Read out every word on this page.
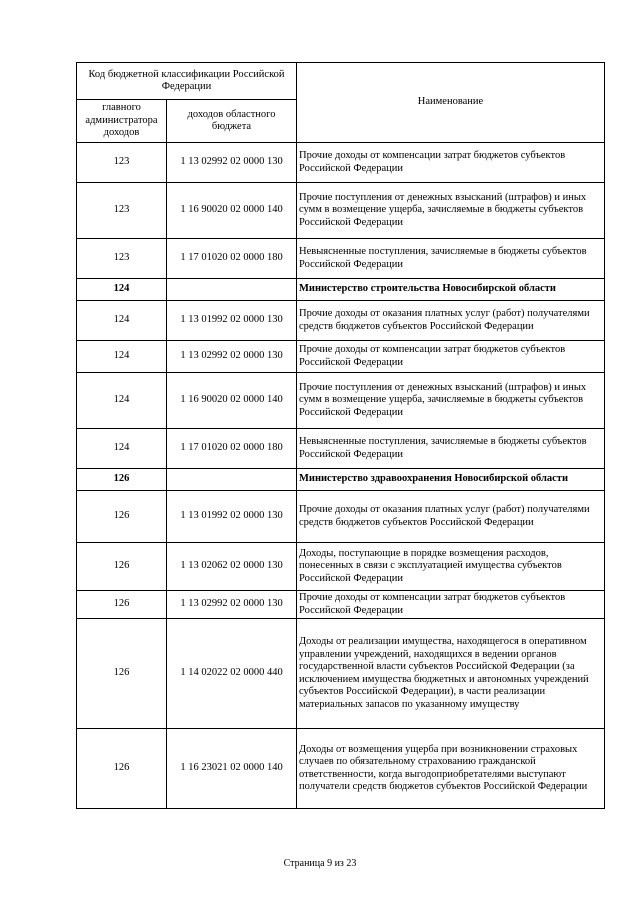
Код бюджетной классификации Российской Федерации		Наименование
главного администратора доходов	доходов областного бюджета	
123	1 13 02992 02 0000 130	Прочие доходы от компенсации затрат бюджетов субъектов Российской Федерации
123	1 16 90020 02 0000 140	Прочие поступления от денежных взысканий (штрафов) и иных сумм в возмещение ущерба, зачисляемые в бюджеты субъектов Российской Федерации
123	1 17 01020 02 0000 180	Невыясненные поступления, зачисляемые в бюджеты субъектов Российской Федерации
124		Министерство строительства Новосибирской области
124	1 13 01992 02 0000 130	Прочие доходы от оказания платных услуг (работ) получателями средств бюджетов субъектов Российской Федерации
124	1 13 02992 02 0000 130	Прочие доходы от компенсации затрат бюджетов субъектов Российской Федерации
124	1 16 90020 02 0000 140	Прочие поступления от денежных взысканий (штрафов) и иных сумм в возмещение ущерба, зачисляемые в бюджеты субъектов Российской Федерации
124	1 17 01020 02 0000 180	Невыясненные поступления, зачисляемые в бюджеты субъектов Российской Федерации
126		Министерство здравоохранения Новосибирской области
126	1 13 01992 02 0000 130	Прочие доходы от оказания платных услуг (работ) получателями средств бюджетов субъектов Российской Федерации
126	1 13 02062 02 0000 130	Доходы, поступающие в порядке возмещения расходов, понесенных в связи с эксплуатацией имущества субъектов Российской Федерации
126	1 13 02992 02 0000 130	Прочие доходы от компенсации затрат бюджетов субъектов Российской Федерации
126	1 14 02022 02 0000 440	Доходы от реализации имущества, находящегося в оперативном управлении учреждений, находящихся в ведении органов государственной власти субъектов Российской Федерации (за исключением имущества бюджетных и автономных учреждений субъектов Российской Федерации), в части реализации материальных запасов по указанному имуществу
126	1 16 23021 02 0000 140	Доходы от возмещения ущерба при возникновении страховых случаев по обязательному страхованию гражданской ответственности, когда выгодоприобретателями выступают получатели средств бюджетов субъектов Российской Федерации
Страница 9 из 23
